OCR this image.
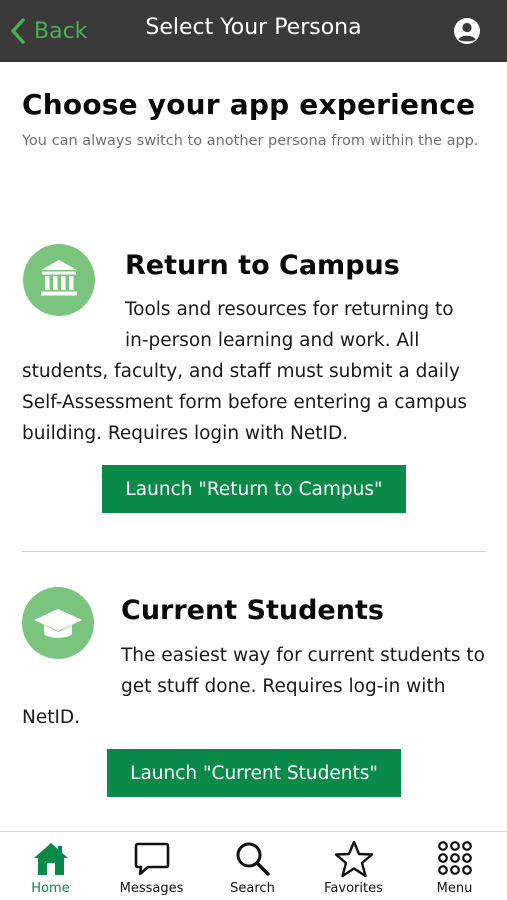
Back	Select Your Persona
Choose your app experience
You can always switch to another persona from within the app.
Return to Campus
Tools and resources for returning to
in-person learning and work. All
students, faculty, and staff must submit a daily Self-Assessment form before entering a campus building. Requires login with NetID.
Launch "Return to Campus"
Current Students
The easiest way for current students to
get stuff done. Requires log-in with
NetID.
Launch "Current Students"
Home	Messages	Search	Favorites	Menu
